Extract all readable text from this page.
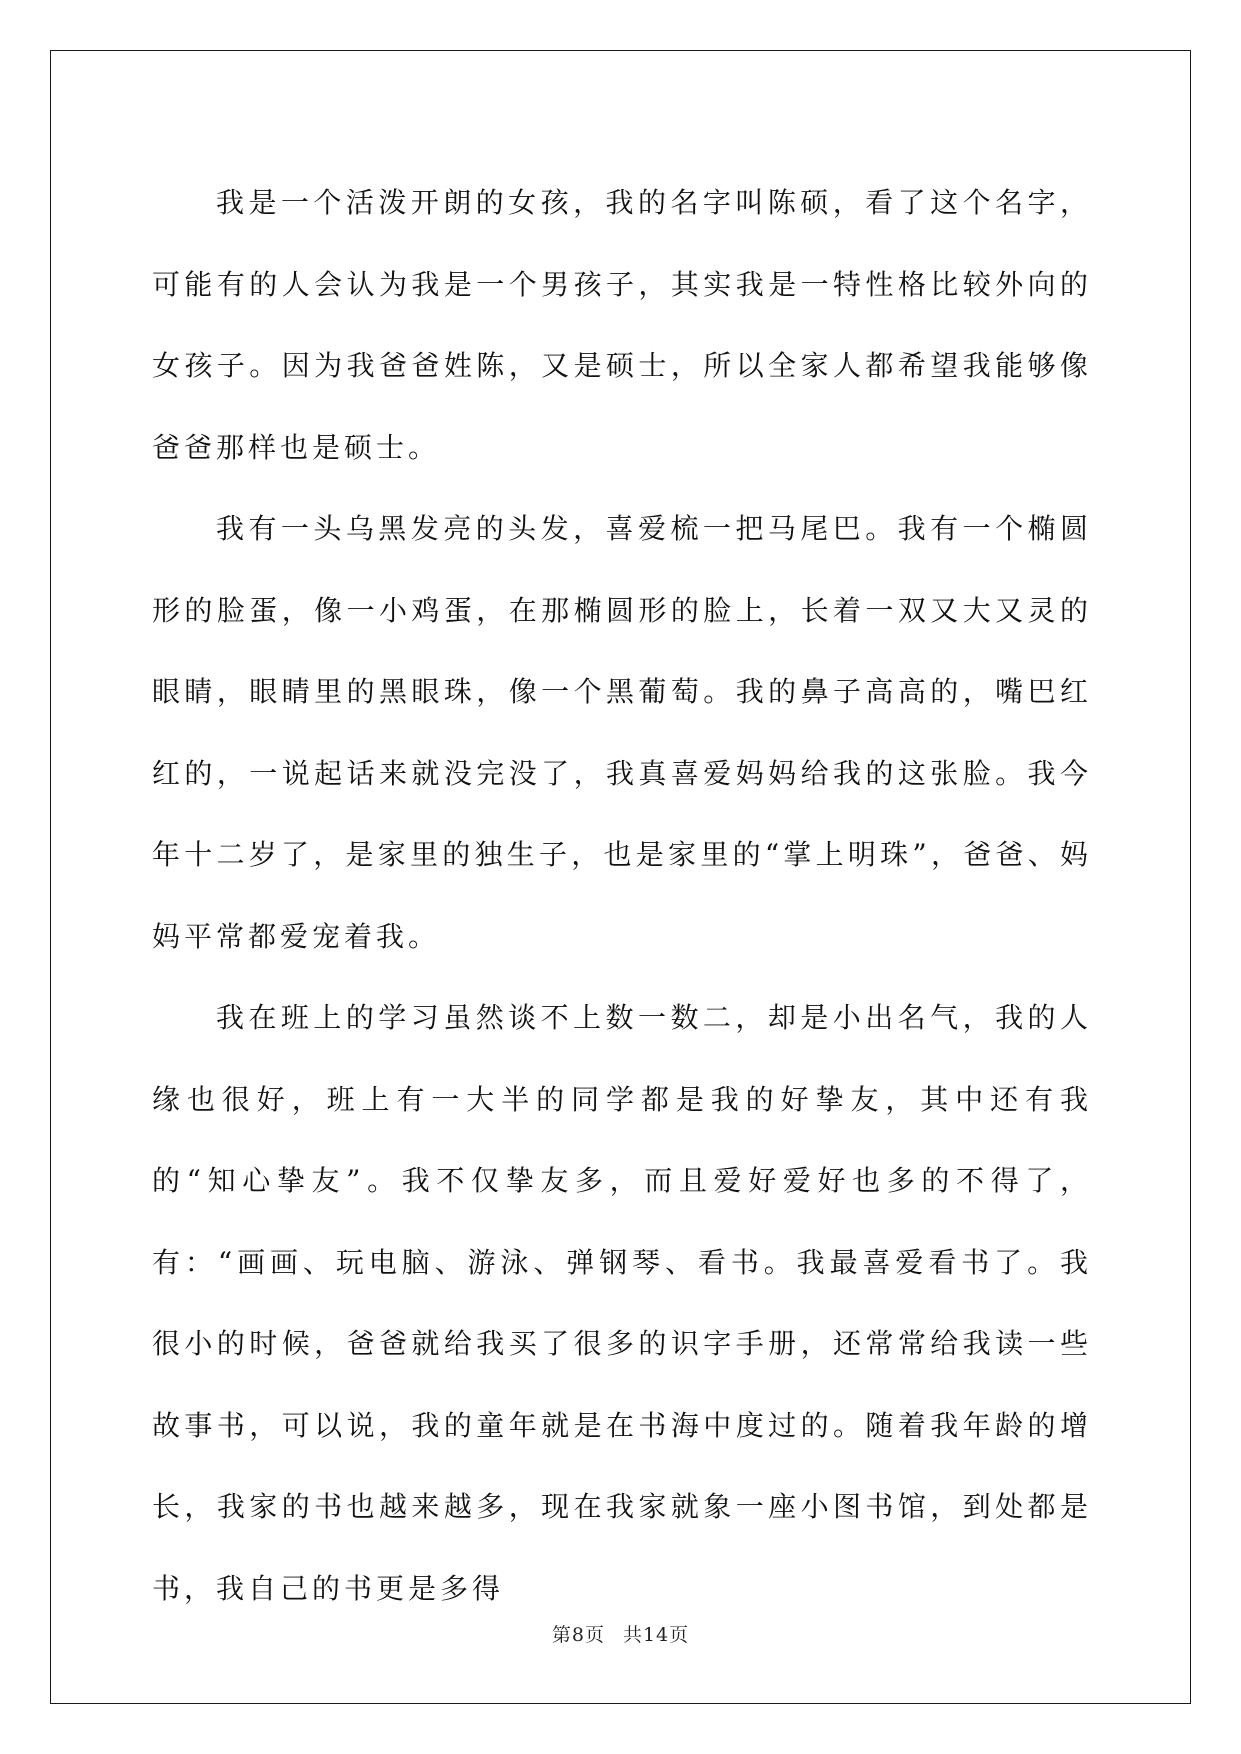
我是一个活泼开朗的女孩，我的名字叫陈硕，看了这个名字，可能有的人会认为我是一个男孩子，其实我是一特性格比较外向的女孩子。因为我爸爸姓陈，又是硕士，所以全家人都希望我能够像爸爸那样也是硕士。

我有一头乌黑发亮的头发，喜爱梳一把马尾巴。我有一个椭圆形的脸蛋，像一小鸡蛋，在那椭圆形的脸上，长着一双又大又灵的眼睛，眼睛里的黑眼珠，像一个黑葡萄。我的鼻子高高的，嘴巴红红的，一说起话来就没完没了，我真喜爱妈妈给我的这张脸。我今年十二岁了，是家里的独生子，也是家里的“掌上明珠”，爸爸、妈妈平常都爱宠着我。

我在班上的学习虽然谈不上数一数二，却是小出名气，我的人缘也很好，班上有一大半的同学都是我的好挚友，其中还有我的“知心挚友”。我不仅挚友多，而且爱好爱好也多的不得了，有：“画画、玩电脑、游泳、弹钢琴、看书。我最喜爱看书了。我很小的时候，爸爸就给我买了很多的识字手册，还常常给我读一些故事书，可以说，我的童年就是在书海中度过的。随着我年龄的增长，我家的书也越来越多，现在我家就象一座小图书馆，到处都是书，我自己的书更是多得

第8页 共14页
